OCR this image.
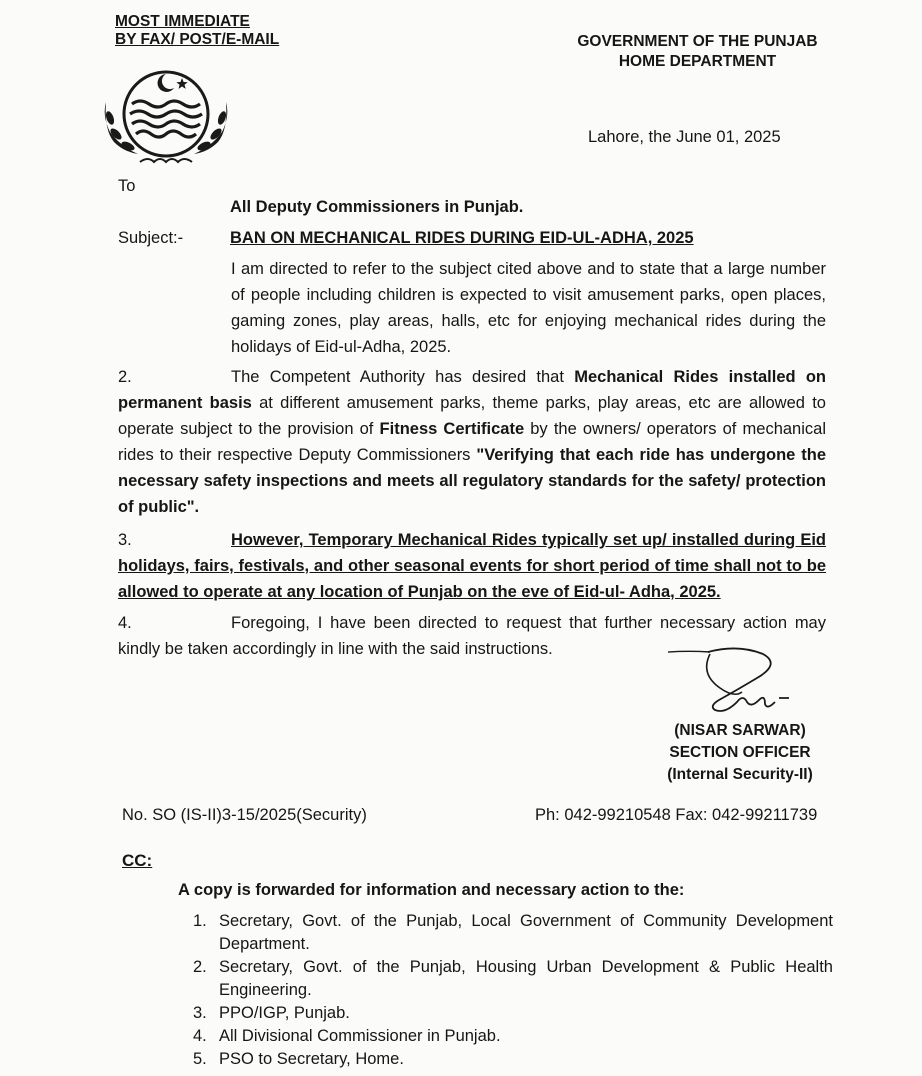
MOST IMMEDIATE
BY FAX/ POST/E-MAIL	GOVERNMENT OF THE PUNJAB
HOME DEPARTMENT
Lahore, the June 01, 2025
To
All Deputy Commissioners in Punjab.
Subject:-	BAN ON MECHANICAL RIDES DURING EID-UL-ADHA, 2025
I am directed to refer to the subject cited above and to state that a large number of people including children is expected to visit amusement parks, open places, gaming zones, play areas, halls, etc for enjoying mechanical rides during the holidays of Eid-ul-Adha, 2025.
2.	The Competent Authority has desired that Mechanical Rides installed on permanent basis at different amusement parks, theme parks, play areas, etc are allowed to operate subject to the provision of Fitness Certificate by the owners/ operators of mechanical rides to their respective Deputy Commissioners "Verifying that each ride has undergone the necessary safety inspections and meets all regulatory standards for the safety/ protection of public".
3.	However, Temporary Mechanical Rides typically set up/ installed during Eid holidays, fairs, festivals, and other seasonal events for short period of time shall not to be allowed to operate at any location of Punjab on the eve of Eid-ul- Adha, 2025.
4.	Foregoing, I have been directed to request that further necessary action may kindly be taken accordingly in line with the said instructions.
(NISAR SARWAR)
SECTION OFFICER
(Internal Security-II)
No. SO (IS-II)3-15/2025(Security)	Ph: 042-99210548 Fax: 042-99211739
CC:
A copy is forwarded for information and necessary action to the:
1. Secretary, Govt. of the Punjab, Local Government of Community Development Department.
2. Secretary, Govt. of the Punjab, Housing Urban Development & Public Health Engineering.
3. PPO/IGP, Punjab.
4. All Divisional Commissioner in Punjab.
5. PSO to Secretary, Home.
